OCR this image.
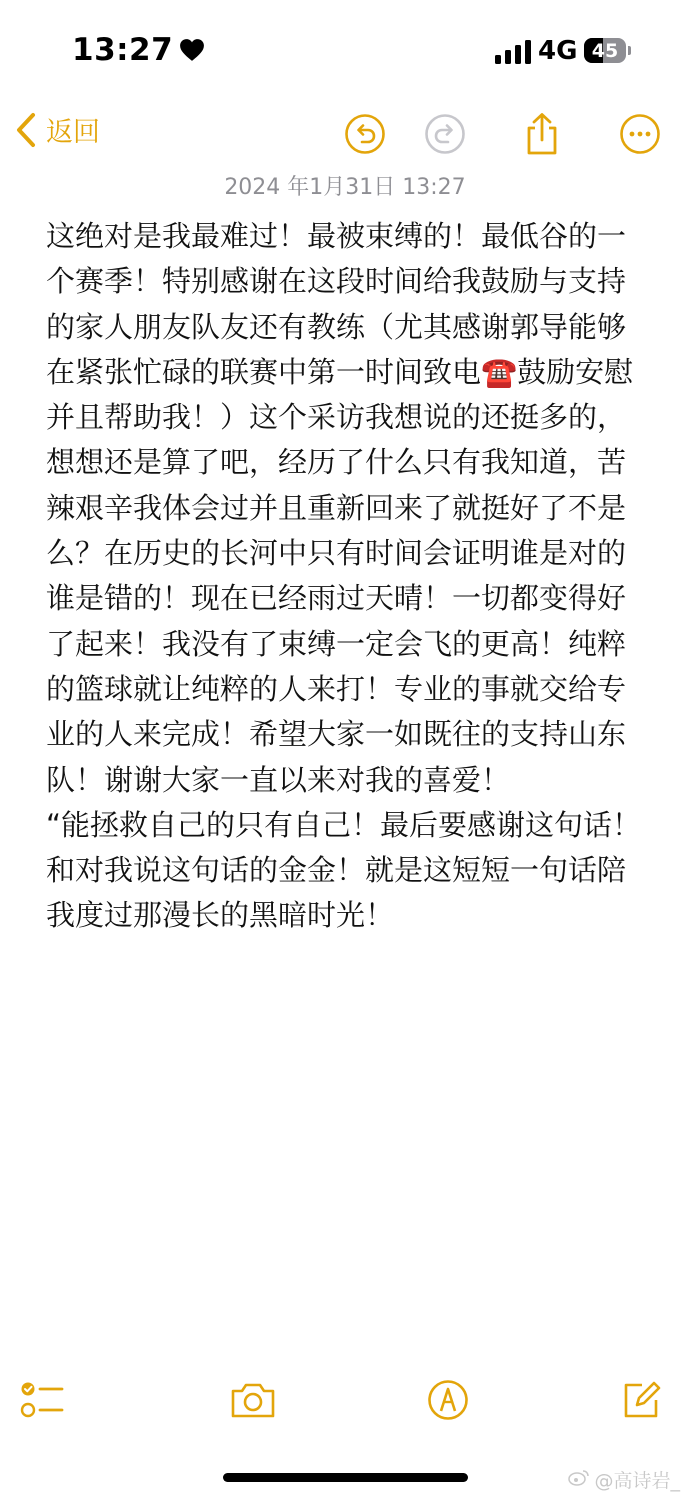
13:27	4G 45
返回
2024 年1月31日 13:27
这绝对是我最难过！最被束缚的！最低谷的一个赛季！特别感谢在这段时间给我鼓励与支持的家人朋友队友还有教练（尤其感谢郭导能够在紧张忙碌的联赛中第一时间致电☎️鼓励安慰并且帮助我！）这个采访我想说的还挺多的，想想还是算了吧，经历了什么只有我知道，苦辣艰辛我体会过并且重新回来了就挺好了不是么？在历史的长河中只有时间会证明谁是对的谁是错的！现在已经雨过天晴！一切都变得好了起来！我没有了束缚一定会飞的更高！纯粹的篮球就让纯粹的人来打！专业的事就交给专业的人来完成！希望大家一如既往的支持山东队！谢谢大家一直以来对我的喜爱！
“能拯救自己的只有自己！最后要感谢这句话！和对我说这句话的金金！就是这短短一句话陪我度过那漫长的黑暗时光！
@高诗岩_
